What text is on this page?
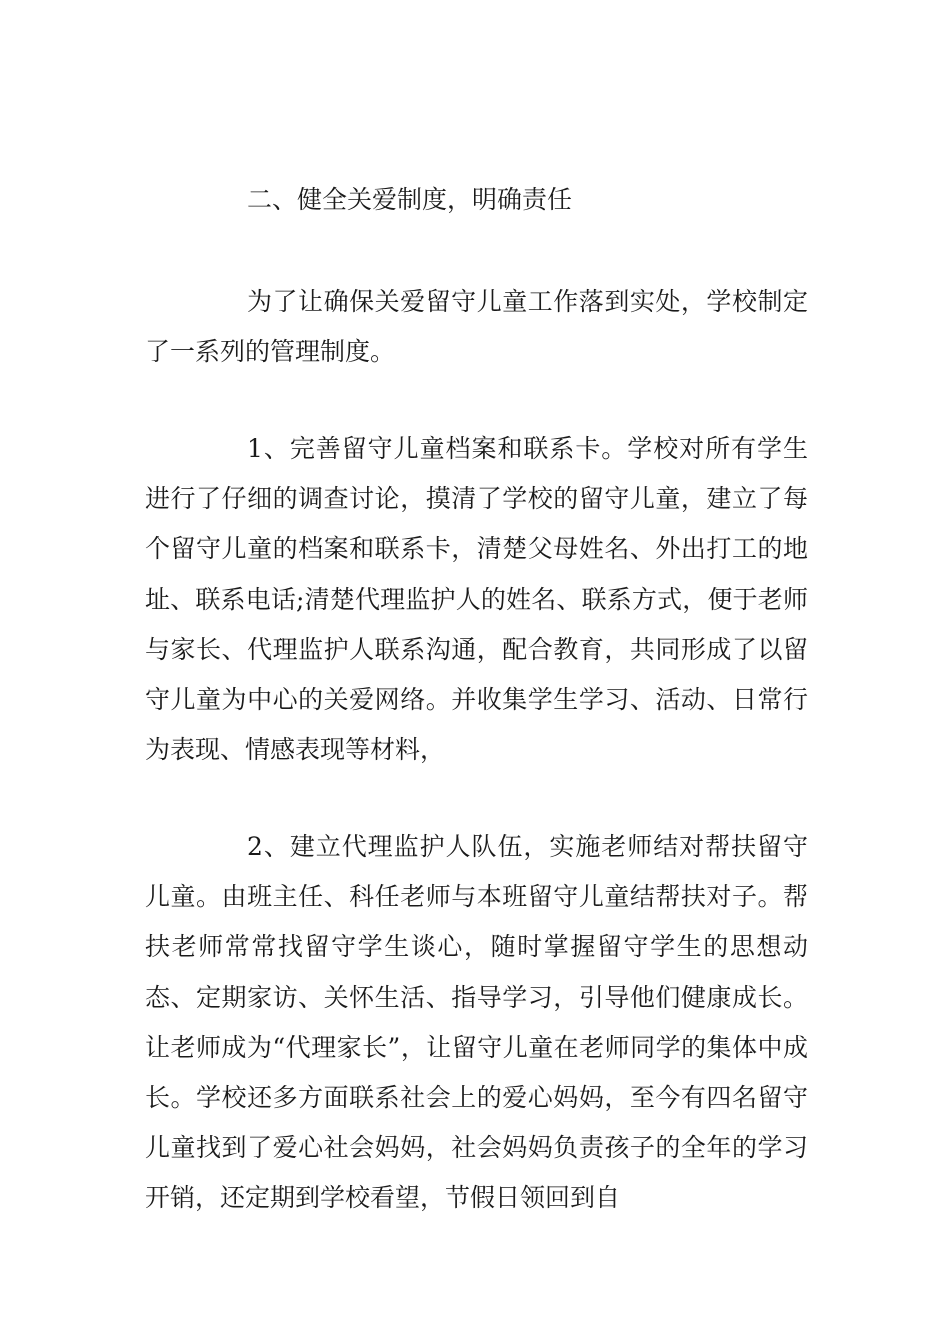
二、健全关爱制度，明确责任

为了让确保关爱留守儿童工作落到实处，学校制定了一系列的管理制度。

1、完善留守儿童档案和联系卡。学校对所有学生进行了仔细的调查讨论，摸清了学校的留守儿童，建立了每个留守儿童的档案和联系卡，清楚父母姓名、外出打工的地址、联系电话;清楚代理监护人的姓名、联系方式，便于老师与家长、代理监护人联系沟通，配合教育，共同形成了以留守儿童为中心的关爱网络。并收集学生学习、活动、日常行为表现、情感表现等材料，

2、建立代理监护人队伍，实施老师结对帮扶留守儿童。由班主任、科任老师与本班留守儿童结帮扶对子。帮扶老师常常找留守学生谈心，随时掌握留守学生的思想动态、定期家访、关怀生活、指导学习，引导他们健康成长。让老师成为“代理家长”，让留守儿童在老师同学的集体中成长。学校还多方面联系社会上的爱心妈妈，至今有四名留守儿童找到了爱心社会妈妈，社会妈妈负责孩子的全年的学习开销，还定期到学校看望，节假日领回到自
